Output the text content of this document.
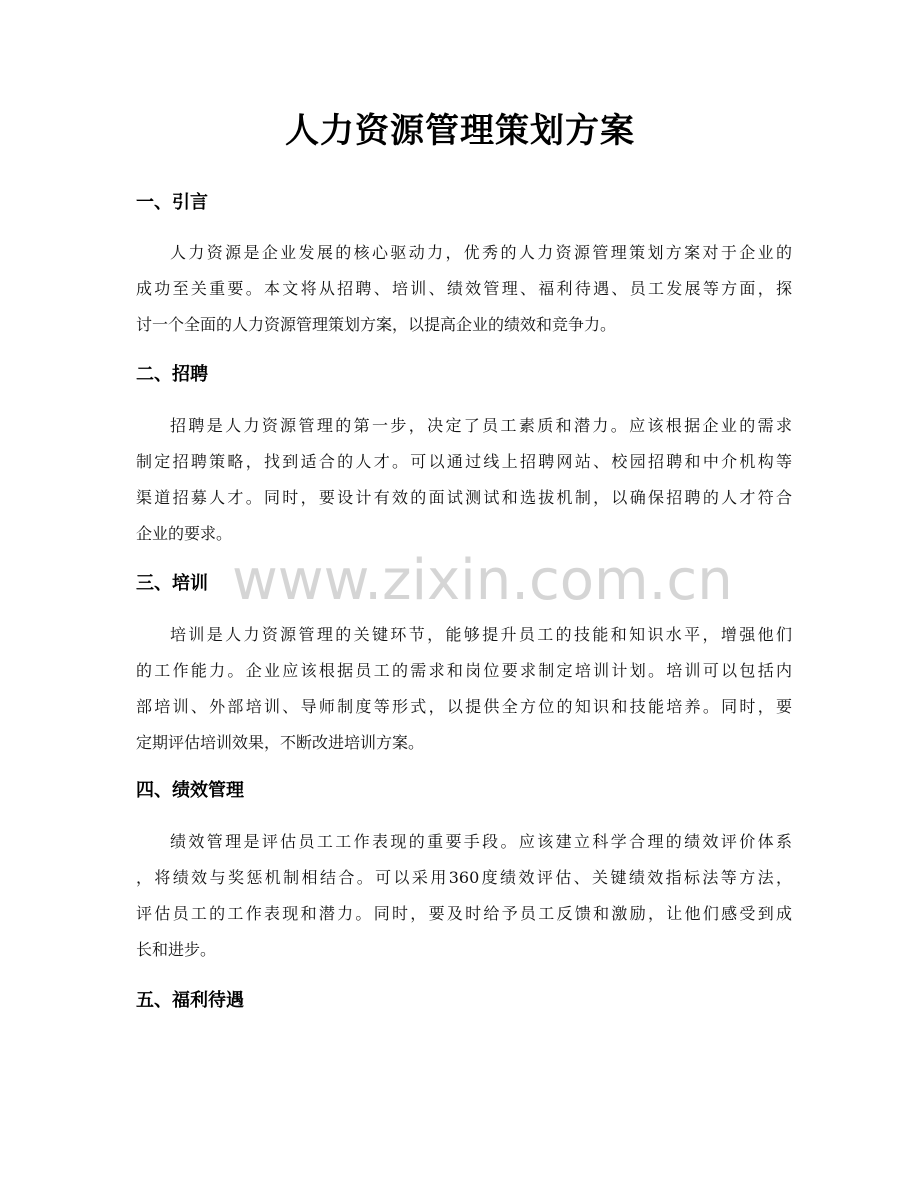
人力资源管理策划方案
www.zixin.com.cn
一、引言
人力资源是企业发展的核心驱动力，优秀的人力资源管理策划方案对于企业的
成功至关重要。本文将从招聘、培训、绩效管理、福利待遇、员工发展等方面，探
讨一个全面的人力资源管理策划方案，以提高企业的绩效和竞争力。
二、招聘
招聘是人力资源管理的第一步，决定了员工素质和潜力。应该根据企业的需求
制定招聘策略，找到适合的人才。可以通过线上招聘网站、校园招聘和中介机构等
渠道招募人才。同时，要设计有效的面试测试和选拔机制，以确保招聘的人才符合
企业的要求。
三、培训
培训是人力资源管理的关键环节，能够提升员工的技能和知识水平，增强他们
的工作能力。企业应该根据员工的需求和岗位要求制定培训计划。培训可以包括内
部培训、外部培训、导师制度等形式，以提供全方位的知识和技能培养。同时，要
定期评估培训效果，不断改进培训方案。
四、绩效管理
绩效管理是评估员工工作表现的重要手段。应该建立科学合理的绩效评价体系
，将绩效与奖惩机制相结合。可以采用360度绩效评估、关键绩效指标法等方法，
评估员工的工作表现和潜力。同时，要及时给予员工反馈和激励，让他们感受到成
长和进步。
五、福利待遇
